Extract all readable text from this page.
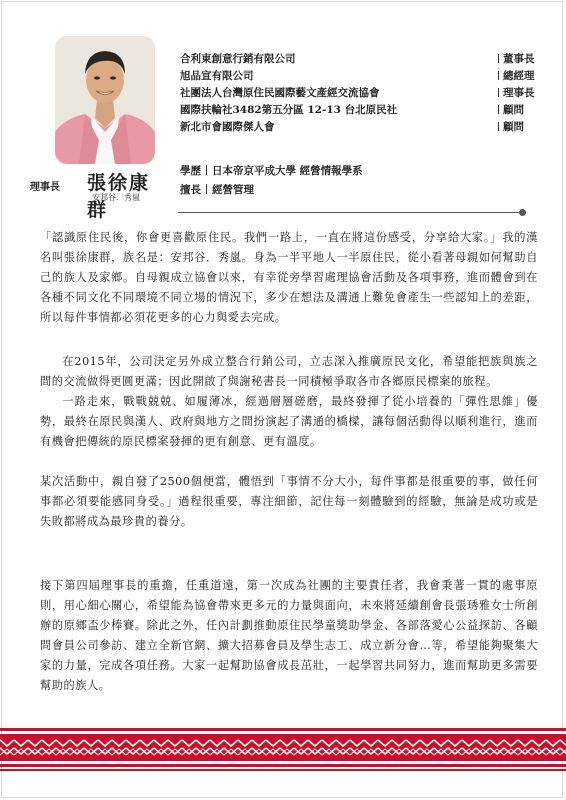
理事長 張徐康群
安邦谷．秀嵐
合利東創意行銷有限公司	董事長
旭品宣有限公司	總經理
社團法人台灣原住民國際藝文產經交流協會	理事長
國際扶輪社3482第五分區 12-13 台北原民社	顧問
新北市會國際傑人會	顧問
學歷 日本帝京平成大學 經營情報學系
擅長 經營管理
「認識原住民後，你會更喜歡原住民。我們一路上，一直在將這份感受，分享給大家。」我的漢名叫張徐康群，族名是：安邦谷．秀嵐。身為一半平地人一半原住民，從小看著母親如何幫助自己的族人及家鄉。自母親成立協會以來，有幸從旁學習處理協會活動及各項事務，進而體會到在各種不同文化不同環境不同立場的情況下，多少在想法及溝通上難免會產生一些認知上的差距，所以每件事情都必須花更多的心力與愛去完成。
在2015年，公司決定另外成立整合行銷公司，立志深入推廣原民文化，希望能把族與族之間的交流做得更圓更滿；因此開啟了與謝秘書長一同積極爭取各市各鄉原民標案的旅程。
一路走來，戰戰兢兢、如履薄冰，經過層層磋磨，最終發揮了從小培養的「彈性思維」優勢，最終在原民與漢人、政府與地方之間扮演起了溝通的橋樑，讓每個活動得以順利進行，進而有機會把傳統的原民標案發揮的更有創意、更有溫度。
某次活動中，親自發了2500個便當，體悟到「事情不分大小，每件事都是很重要的事，做任何事都必須要能感同身受。」過程很重要，專注細節，記住每一刻體驗到的經驗，無論是成功或是失敗都將成為最珍貴的養分。
接下第四屆理事長的重擔，任重道遠，第一次成為社團的主要責任者，我會秉著一貫的處事原則，用心細心關心，希望能為協會帶來更多元的力量與面向，未來將延續創會長張琇雅女士所創辦的原鄉盃少棒賽。除此之外，任內計劃推動原住民學童獎助學金、各部落愛心公益探訪、各顧問會員公司參訪、建立全新官網、擴大招募會員及學生志工、成立新分會…等，希望能夠聚集大家的力量，完成各項任務。大家一起幫助協會成長茁壯，一起學習共同努力，進而幫助更多需要幫助的族人。
